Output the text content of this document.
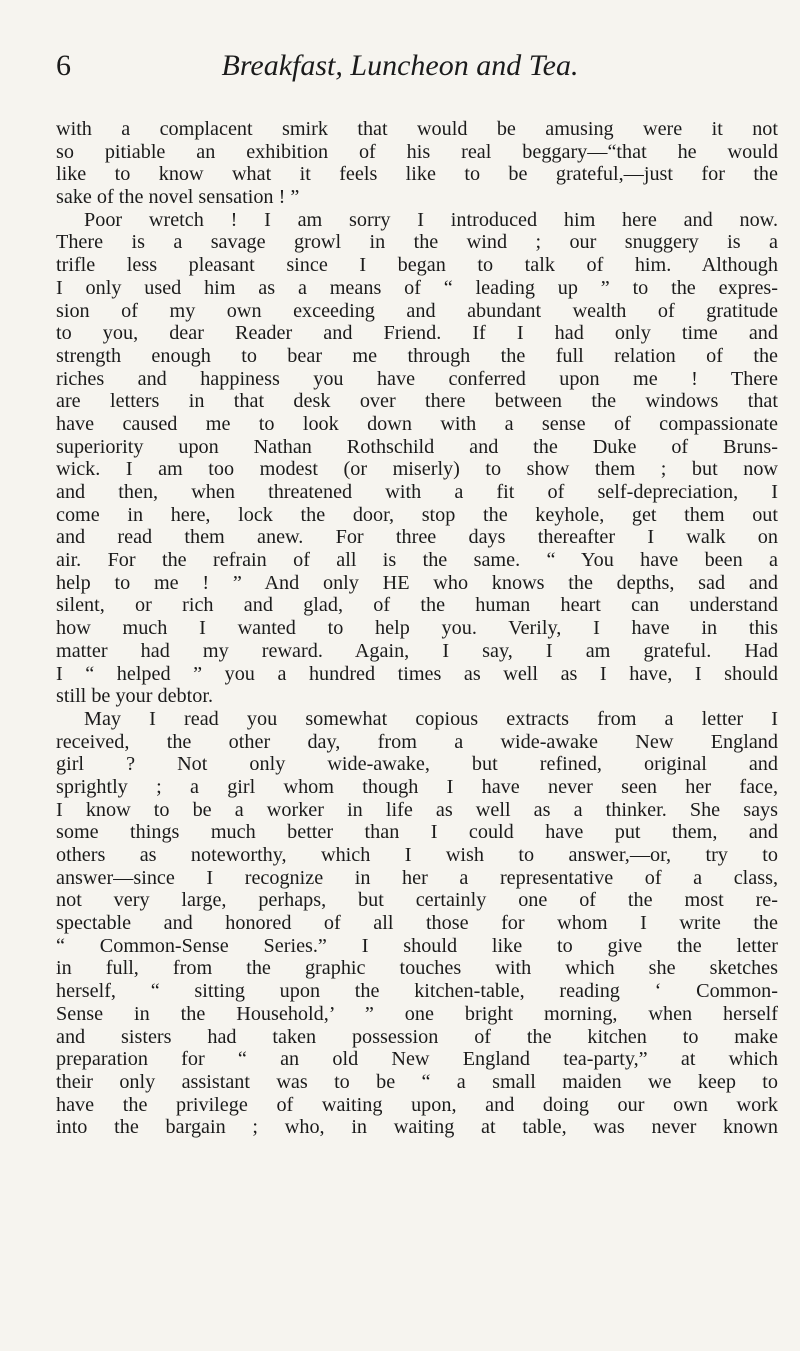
6	Breakfast, Luncheon and Tea.
with a complacent smirk that would be amusing were it not
so pitiable an exhibition of his real beggary—“that he would
like to know what it feels like to be grateful,—just for the
sake of the novel sensation ! ”
Poor wretch ! I am sorry I introduced him here and now.
There is a savage growl in the wind ; our snuggery is a
trifle less pleasant since I began to talk of him. Although
I only used him as a means of “ leading up ” to the expres-
sion of my own exceeding and abundant wealth of gratitude
to you, dear Reader and Friend. If I had only time and
strength enough to bear me through the full relation of the
riches and happiness you have conferred upon me ! There
are letters in that desk over there between the windows that
have caused me to look down with a sense of compassionate
superiority upon Nathan Rothschild and the Duke of Bruns-
wick. I am too modest (or miserly) to show them ; but now
and then, when threatened with a fit of self-depreciation, I
come in here, lock the door, stop the keyhole, get them out
and read them anew. For three days thereafter I walk on
air. For the refrain of all is the same. “ You have been a
help to me ! ” And only HE who knows the depths, sad and
silent, or rich and glad, of the human heart can understand
how much I wanted to help you. Verily, I have in this
matter had my reward. Again, I say, I am grateful. Had
I “ helped ” you a hundred times as well as I have, I should
still be your debtor.
May I read you somewhat copious extracts from a letter I
received, the other day, from a wide-awake New England
girl ? Not only wide-awake, but refined, original and
sprightly ; a girl whom though I have never seen her face,
I know to be a worker in life as well as a thinker. She says
some things much better than I could have put them, and
others as noteworthy, which I wish to answer,—or, try to
answer—since I recognize in her a representative of a class,
not very large, perhaps, but certainly one of the most re-
spectable and honored of all those for whom I write the
“ Common-Sense Series.” I should like to give the letter
in full, from the graphic touches with which she sketches
herself, “ sitting upon the kitchen-table, reading ‘ Common-
Sense in the Household,’ ” one bright morning, when herself
and sisters had taken possession of the kitchen to make
preparation for “ an old New England tea-party,” at which
their only assistant was to be “ a small maiden we keep to
have the privilege of waiting upon, and doing our own work
into the bargain ; who, in waiting at table, was never known
